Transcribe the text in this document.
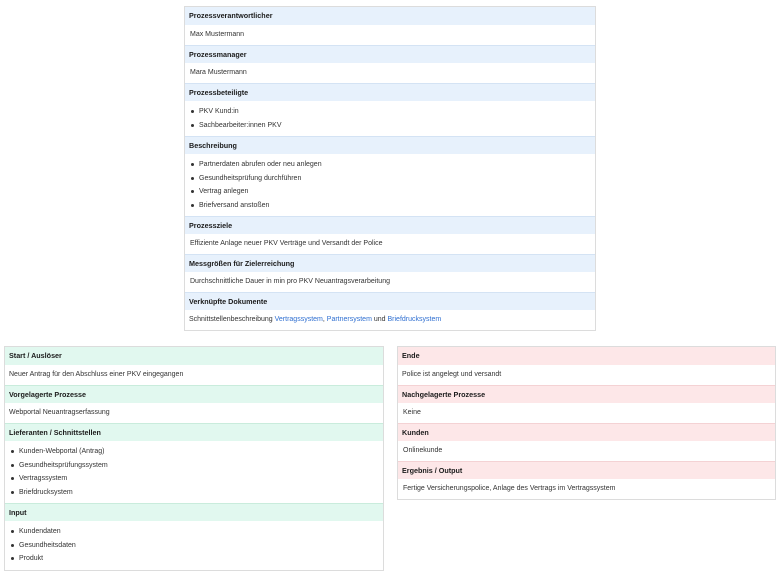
Prozessverantwortlicher
Max Mustermann
Prozessmanager
Mara Mustermann
Prozessbeteiligte
PKV Kund:in
Sachbearbeiter:innen PKV
Beschreibung
Partnerdaten abrufen oder neu anlegen
Gesundheitsprüfung durchführen
Vertrag anlegen
Briefversand anstoßen
Prozessziele
Effiziente Anlage neuer PKV Verträge und Versandt der Police
Messgrößen für Zielerreichung
Durchschnittliche Dauer in min pro PKV Neuantragsverarbeitung
Verknüpfte Dokumente
Schnittstellenbeschreibung Vertragssystem, Partnersystem und Briefdrucksystem
Start / Auslöser
Neuer Antrag für den Abschluss einer PKV eingegangen
Vorgelagerte Prozesse
Webportal Neuantragserfassung
Lieferanten / Schnittstellen
Kunden-Webportal (Antrag)
Gesundheitsprüfungssystem
Vertragssystem
Briefdrucksystem
Input
Kundendaten
Gesundheitsdaten
Produkt
Ende
Police ist angelegt und versandt
Nachgelagerte Prozesse
Keine
Kunden
Onlinekunde
Ergebnis / Output
Fertige Versicherungspolice, Anlage des Vertrags im Vertragssystem
